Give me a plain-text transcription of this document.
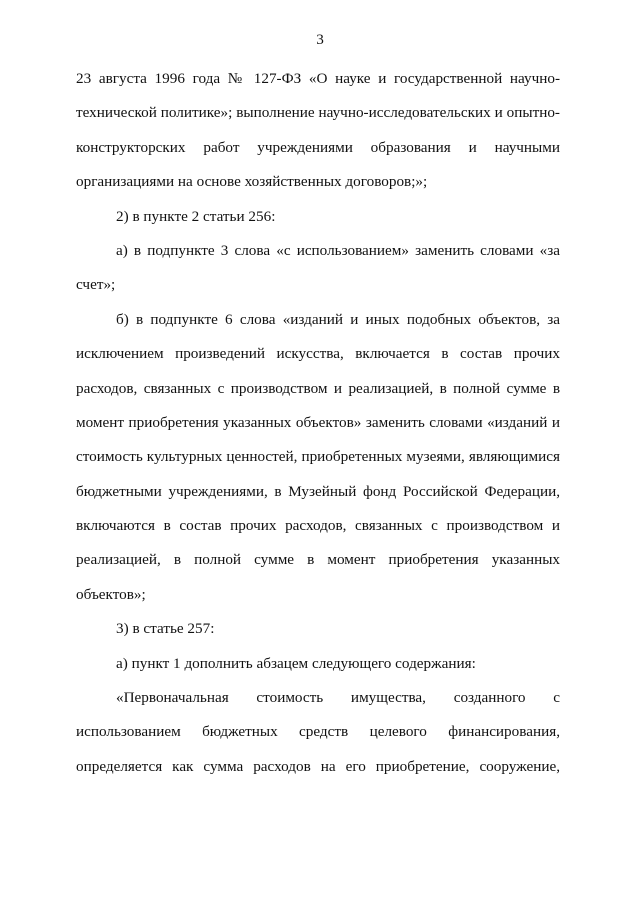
3
23 августа 1996 года № 127-ФЗ «О науке и государственной научно-
технической политике»; выполнение научно-исследовательских и опытно-
конструкторских работ учреждениями образования и научными
организациями на основе хозяйственных договоров;»;
2) в пункте 2 статьи 256:
а) в подпункте 3 слова «с использованием» заменить словами «за
счет»;
б) в подпункте 6 слова «изданий и иных подобных объектов, за
исключением произведений искусства, включается в состав прочих
расходов, связанных с производством и реализацией, в полной сумме в
момент приобретения указанных объектов» заменить словами «изданий и
стоимость культурных ценностей, приобретенных музеями, являющимися
бюджетными учреждениями, в Музейный фонд Российской Федерации,
включаются в состав прочих расходов, связанных с производством и
реализацией, в полной сумме в момент приобретения указанных
объектов»;
3) в статье 257:
а) пункт 1 дополнить абзацем следующего содержания:
«Первоначальная стоимость имущества, созданного с
использованием бюджетных средств целевого финансирования,
определяется как сумма расходов на его приобретение, сооружение,
